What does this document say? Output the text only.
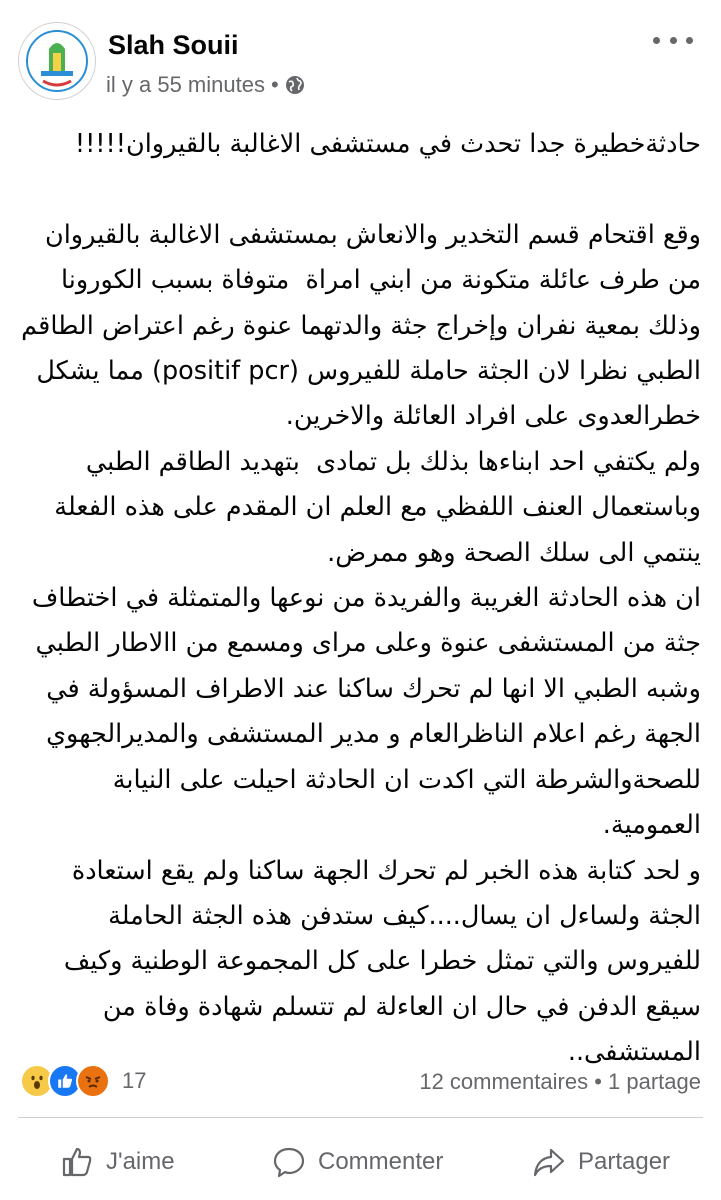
Slah Souii
il y a 55 minutes •
حادثةخطيرة جدا تحدث في مستشفى الاغالبة بالقيروان!!!!!

وقع اقتحام قسم التخدير والانعاش بمستشفى الاغالبة بالقيروان من طرف عائلة متكونة من ابني امراة  متوفاة بسبب الكورونا وذلك بمعية نفران وإخراج جثة والدتهما عنوة رغم اعتراض الطاقم الطبي نظرا لان الجثة حاملة للفيروس (positif pcr) مما يشكل خطرالعدوى على افراد العائلة والاخرين.
ولم يكتفي احد ابناءها بذلك بل تمادى  بتهديد الطاقم الطبي وباستعمال العنف اللفظي مع العلم ان المقدم على هذه الفعلة ينتمي الى سلك الصحة وهو ممرض.
ان هذه الحادثة الغريبة والفريدة من نوعها والمتمثلة في اختطاف جثة من المستشفى عنوة وعلى مراى ومسمع من االاطار الطبي وشبه الطبي الا انها لم تحرك ساكنا عند الاطراف المسؤولة في الجهة رغم اعلام الناظرالعام و مدير المستشفى والمديرالجهوي للصحةوالشرطة التي اكدت ان الحادثة احيلت على النيابة العمومية.
و لحد كتابة هذه الخبر لم تحرك الجهة ساكنا ولم يقع استعادة الجثة ولساءل ان يسال....كيف ستدفن هذه الجثة الحاملة للفيروس والتي تمثل خطرا على كل المجموعة الوطنية وكيف سيقع الدفن في حال ان العاءلة لم تتسلم شهادة وفاة من المستشفى..
17	12 commentaires • 1 partage
J'aime	Commenter	Partager
